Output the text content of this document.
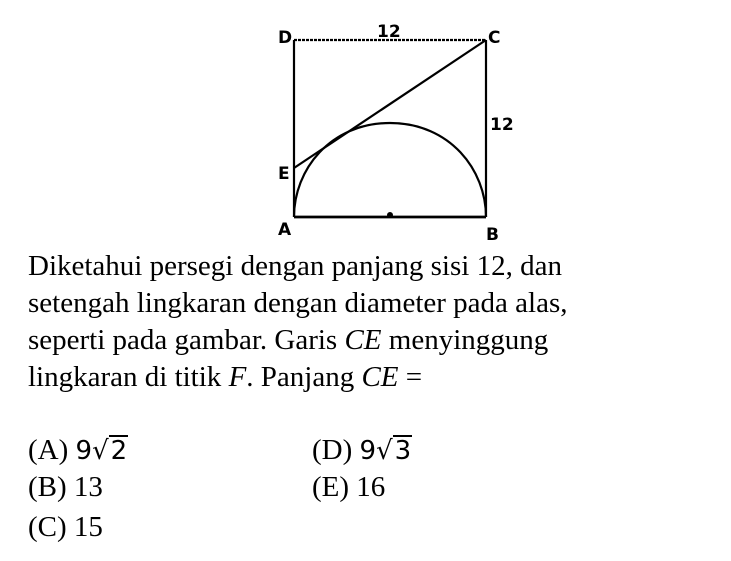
D	C
12
12
E
A	B

Diketahui persegi dengan panjang sisi 12, dan
setengah lingkaran dengan diameter pada alas,
seperti pada gambar. Garis CE menyinggung
lingkaran di titik F. Panjang CE =

(A) 9√2
(B) 13
(C) 15
(D) 9√3
(E) 16
